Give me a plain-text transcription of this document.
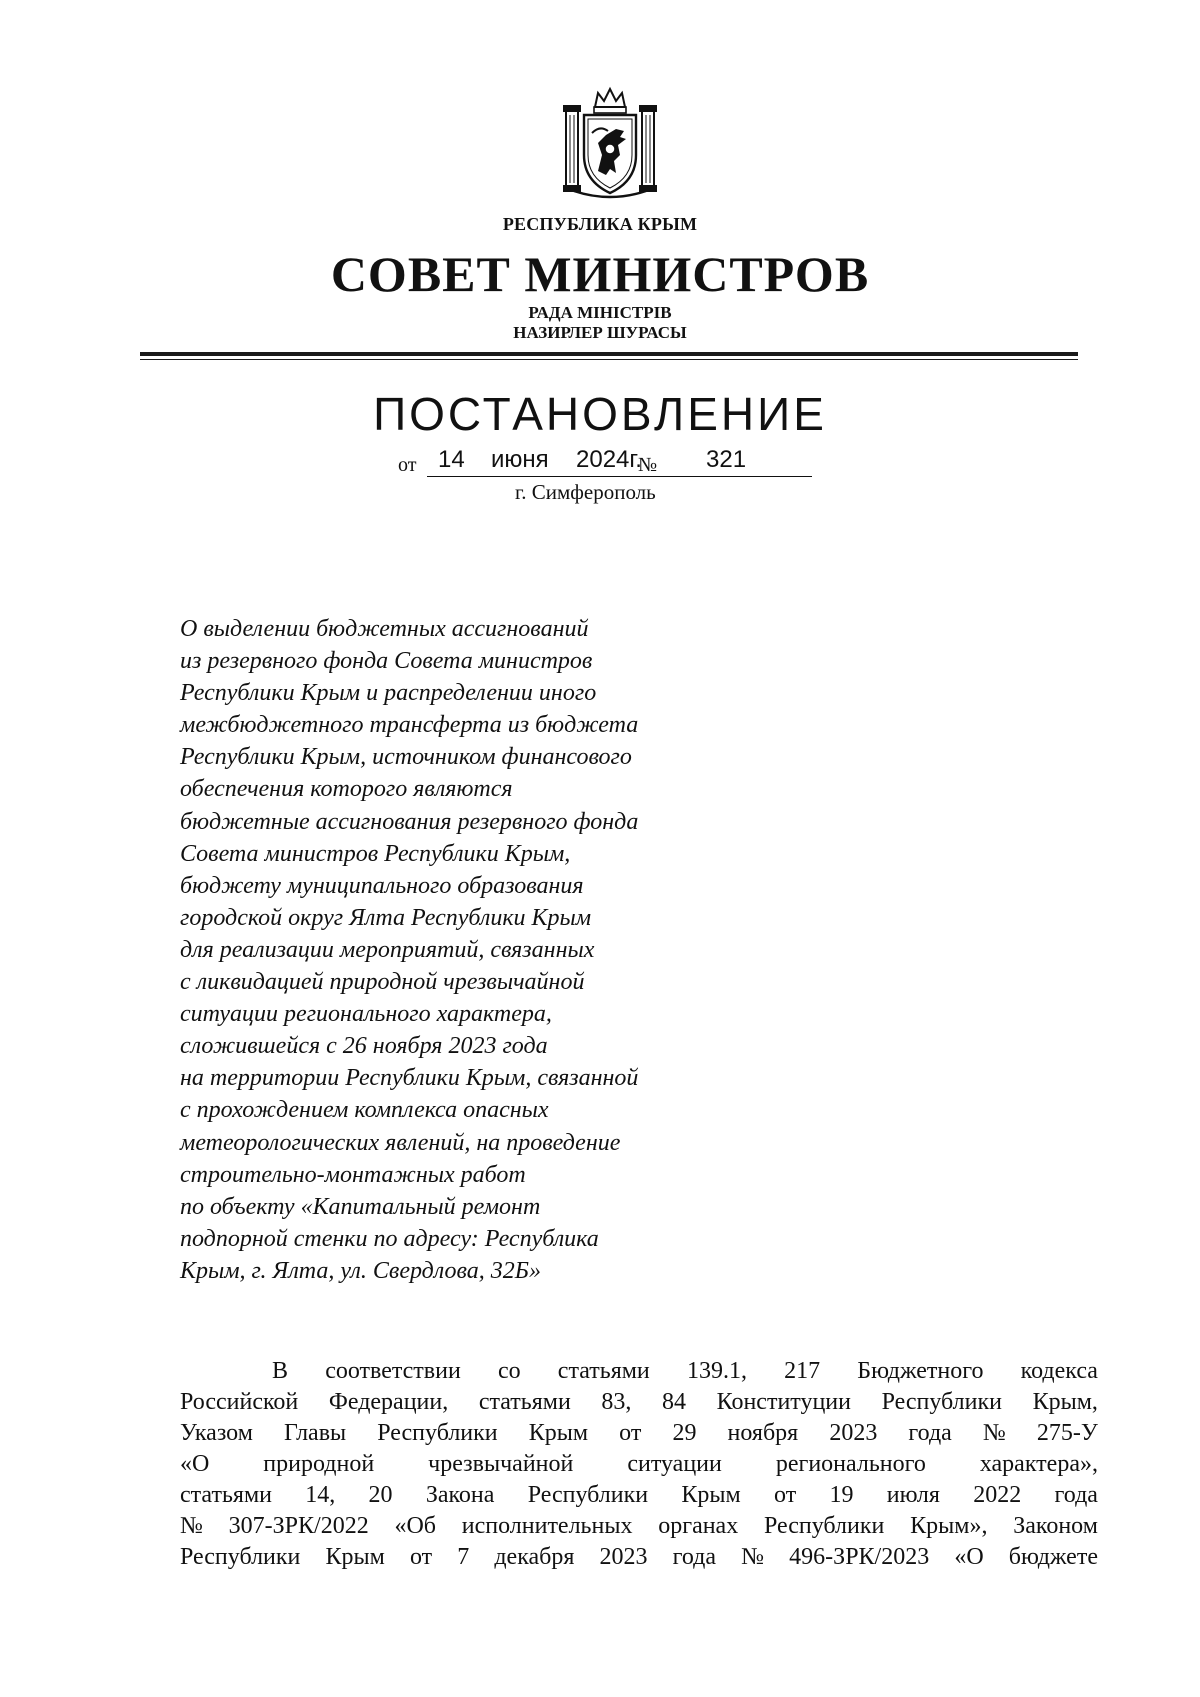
РЕСПУБЛИКА КРЫМ
СОВЕТ МИНИСТРОВ
РАДА МІНІСТРІВ
НАЗИРЛЕР ШУРАСЫ
ПОСТАНОВЛЕНИЕ
от 14 июня 2024г.
№ 321
г. Симферополь
О выделении бюджетных ассигнований
из резервного фонда Совета министров
Республики Крым и распределении иного
межбюджетного трансферта из бюджета
Республики Крым, источником финансового
обеспечения которого являются
бюджетные ассигнования резервного фонда
Совета министров Республики Крым,
бюджету муниципального образования
городской округ Ялта Республики Крым
для реализации мероприятий, связанных
с ликвидацией природной чрезвычайной
ситуации регионального характера,
сложившейся с 26 ноября 2023 года
на территории Республики Крым, связанной
с прохождением комплекса опасных
метеорологических явлений, на проведение
строительно-монтажных работ
по объекту «Капитальный ремонт
подпорной стенки по адресу: Республика
Крым, г. Ялта, ул. Свердлова, 32Б»
В соответствии со статьями 139.1, 217 Бюджетного кодекса
Российской Федерации, статьями 83, 84 Конституции Республики Крым,
Указом Главы Республики Крым от 29 ноября 2023 года № 275-У
«О природной чрезвычайной ситуации регионального характера»,
статьями 14, 20 Закона Республики Крым от 19 июля 2022 года
№ 307-ЗРК/2022 «Об исполнительных органах Республики Крым», Законом
Республики Крым от 7 декабря 2023 года № 496-ЗРК/2023 «О бюджете
